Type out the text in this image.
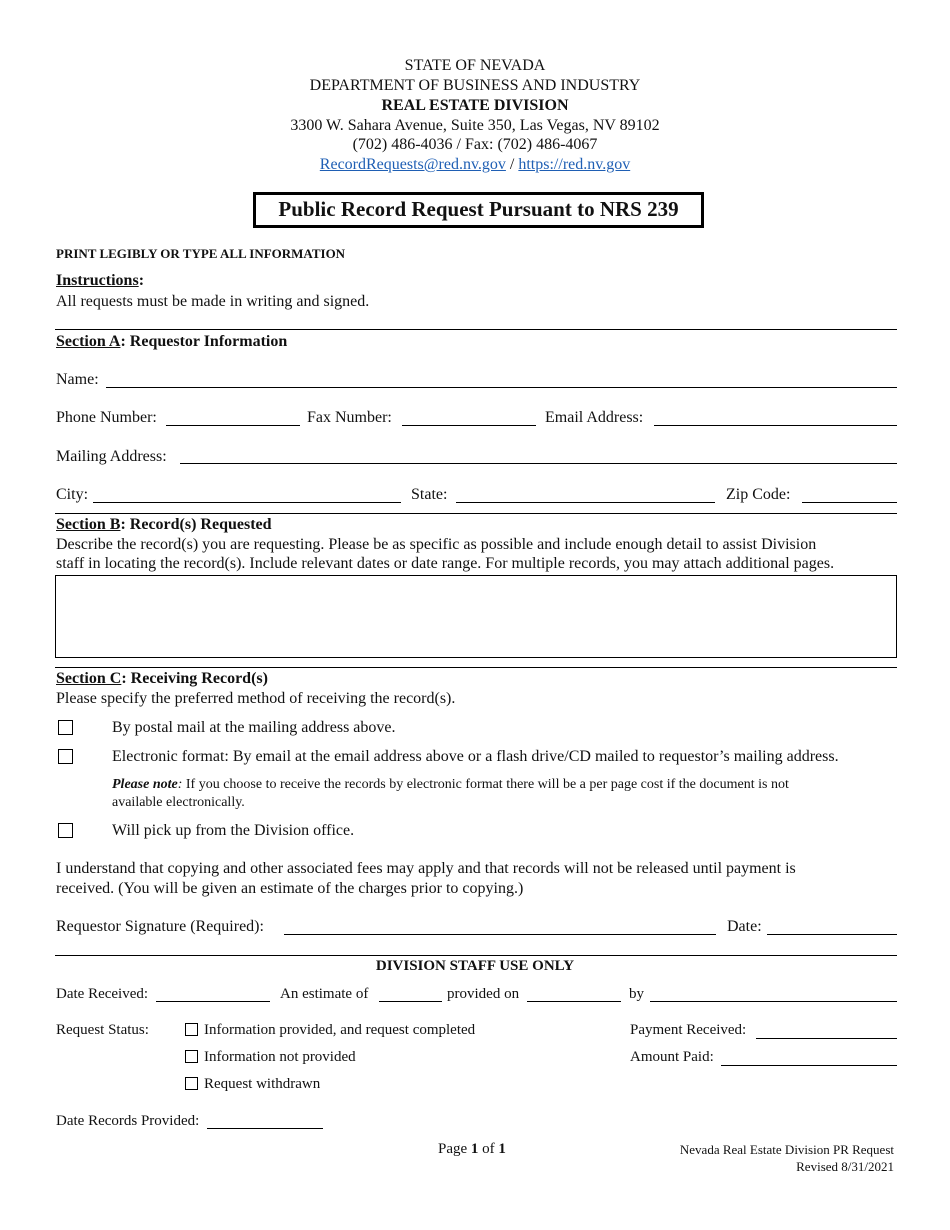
STATE OF NEVADA
DEPARTMENT OF BUSINESS AND INDUSTRY
REAL ESTATE DIVISION
3300 W. Sahara Avenue, Suite 350, Las Vegas, NV 89102
(702) 486-4036 / Fax: (702) 486-4067
RecordRequests@red.nv.gov / https://red.nv.gov
Public Record Request Pursuant to NRS 239
PRINT LEGIBLY OR TYPE ALL INFORMATION
Instructions:
All requests must be made in writing and signed.
Section A: Requestor Information
Name:
Phone Number:	Fax Number:	Email Address:
Mailing Address:
City:	State:	Zip Code:
Section B: Record(s) Requested
Describe the record(s) you are requesting. Please be as specific as possible and include enough detail to assist Division
staff in locating the record(s). Include relevant dates or date range. For multiple records, you may attach additional pages.
Section C: Receiving Record(s)
Please specify the preferred method of receiving the record(s).
By postal mail at the mailing address above.
Electronic format: By email at the email address above or a flash drive/CD mailed to requestor’s mailing address.
Please note: If you choose to receive the records by electronic format there will be a per page cost if the document is not
available electronically.
Will pick up from the Division office.
I understand that copying and other associated fees may apply and that records will not be released until payment is
received. (You will be given an estimate of the charges prior to copying.)
Requestor Signature (Required):	Date:
DIVISION STAFF USE ONLY
Date Received:	An estimate of	provided on	by
Request Status:	Information provided, and request completed
Information not provided
Request withdrawn
Payment Received:
Amount Paid:
Date Records Provided:
Page 1 of 1	Nevada Real Estate Division PR Request
Revised 8/31/2021
